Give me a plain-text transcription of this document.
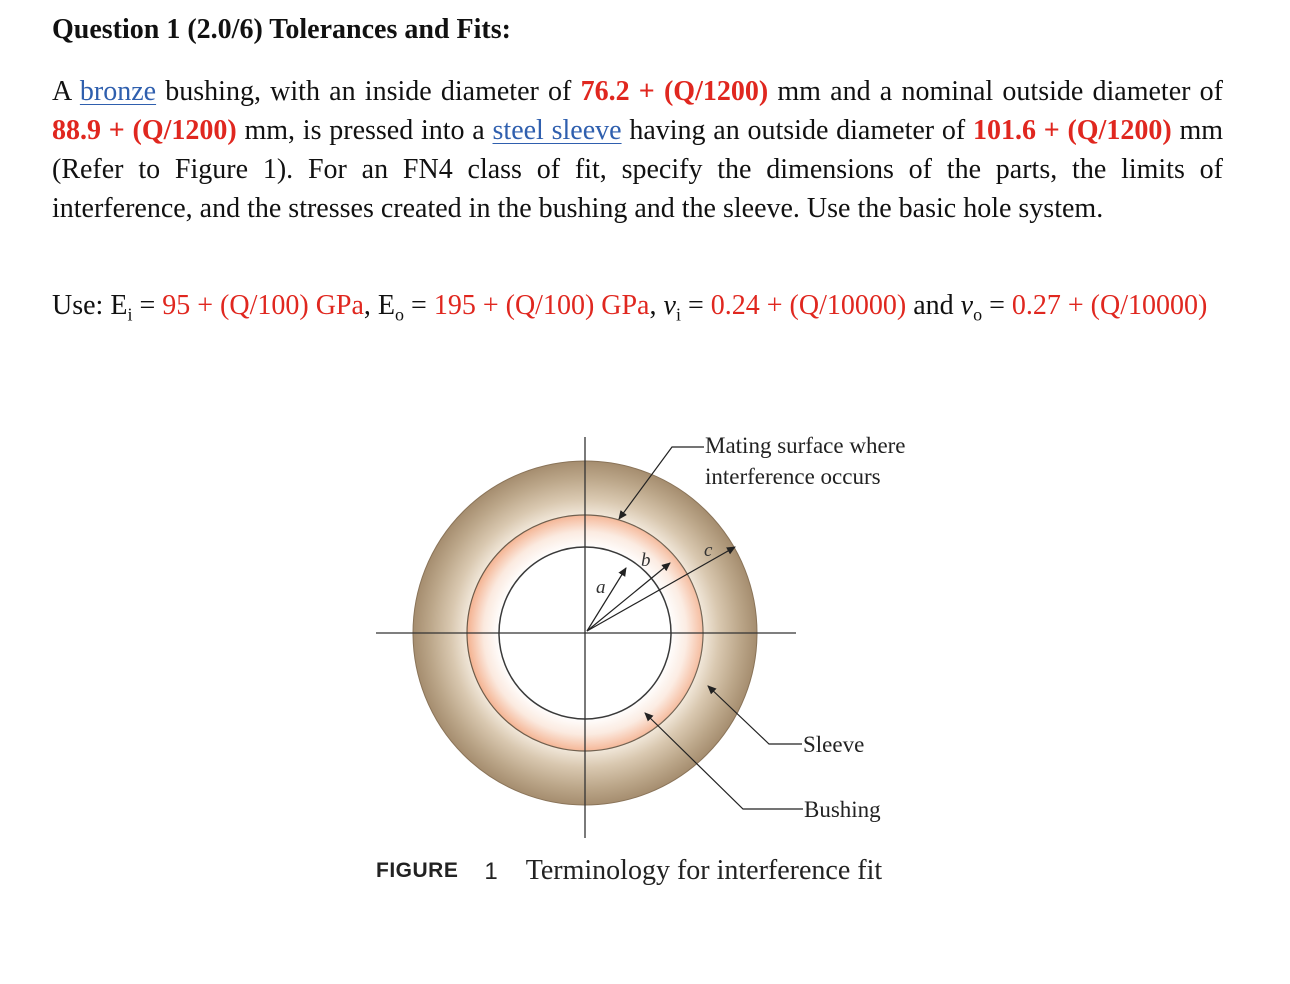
Question 1 (2.0/6) Tolerances and Fits:

A bronze bushing, with an inside diameter of 76.2 + (Q/1200) mm and a nominal outside diameter of 88.9 + (Q/1200) mm, is pressed into a steel sleeve having an outside diameter of 101.6 + (Q/1200) mm (Refer to Figure 1). For an FN4 class of fit, specify the dimensions of the parts, the limits of interference, and the stresses created in the bushing and the sleeve. Use the basic hole system.

Use: $E_i = 95 + (Q/100)$ GPa, $E_o = 195 + (Q/100)$ GPa, $\nu_i = 0.24 + (Q/10000)$ and $\nu_o = 0.27 + (Q/10000)$

a
b	c
Mating surface where
interference occurs
Sleeve
Bushing
FIGURE 1 Terminology for interference fit
